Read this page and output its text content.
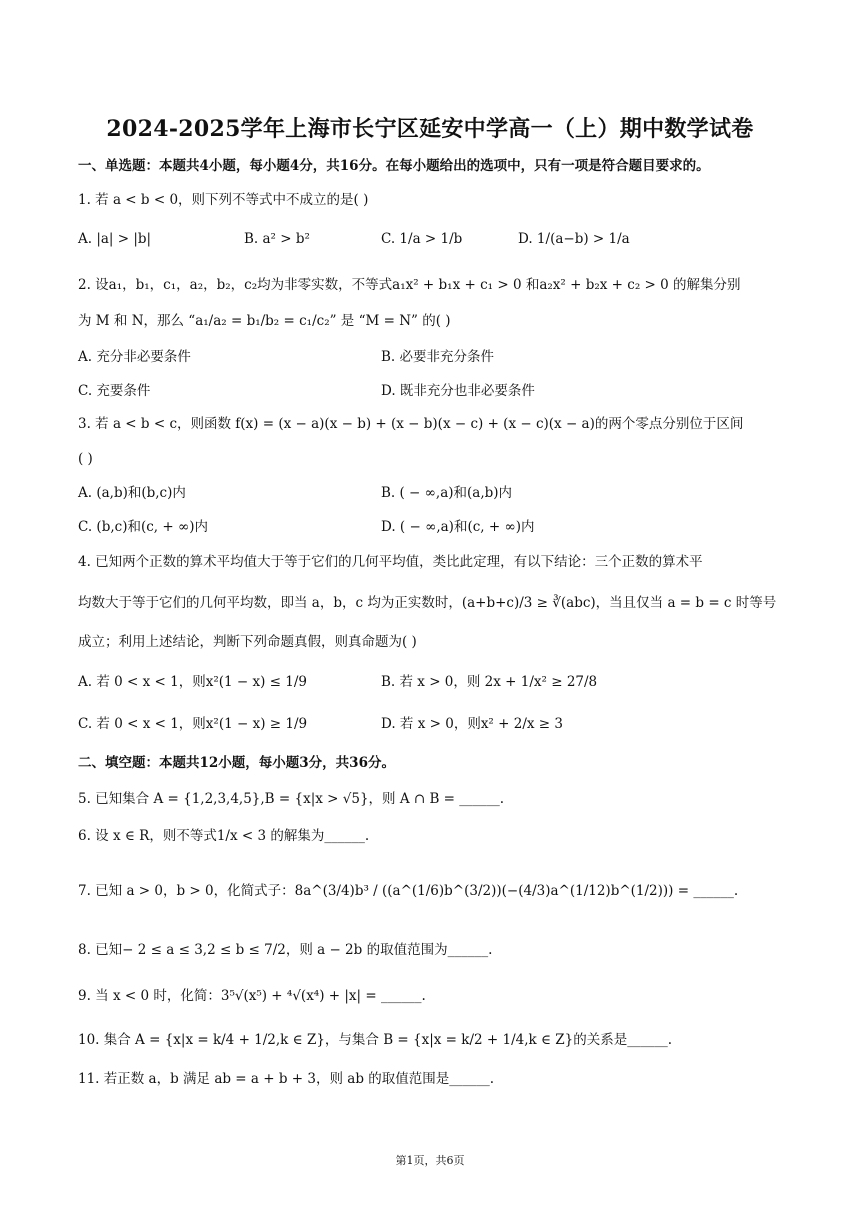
2024-2025学年上海市长宁区延安中学高一（上）期中数学试卷
一、单选题：本题共4小题，每小题4分，共16分。在每小题给出的选项中，只有一项是符合题目要求的。
1. 若 a < b < 0，则下列不等式中不成立的是( )
A. |a| > |b|	B. a² > b²	C. 1/a > 1/b	D. 1/(a−b) > 1/a
2. 设a₁，b₁，c₁，a₂，b₂，c₂均为非零实数，不等式a₁x² + b₁x + c₁ > 0 和a₂x² + b₂x + c₂ > 0 的解集分别
为 M 和 N，那么 “a₁/a₂ = b₁/b₂ = c₁/c₂” 是 “M = N” 的( )
A. 充分非必要条件	B. 必要非充分条件
C. 充要条件	D. 既非充分也非必要条件
3. 若 a < b < c，则函数 f(x) = (x − a)(x − b) + (x − b)(x − c) + (x − c)(x − a)的两个零点分别位于区间
( )
A. (a,b)和(b,c)内	B. ( − ∞,a)和(a,b)内
C. (b,c)和(c, + ∞)内	D. ( − ∞,a)和(c, + ∞)内
4. 已知两个正数的算术平均值大于等于它们的几何平均值，类比此定理，有以下结论：三个正数的算术平
均数大于等于它们的几何平均数，即当 a，b，c 均为正实数时，(a+b+c)/3 ≥ ∛(abc)，当且仅当 a = b = c 时等号
成立；利用上述结论，判断下列命题真假，则真命题为( )
A. 若 0 < x < 1，则x²(1 − x) ≤ 1/9	B. 若 x > 0，则 2x + 1/x² ≥ 27/8
C. 若 0 < x < 1，则x²(1 − x) ≥ 1/9	D. 若 x > 0，则x² + 2/x ≥ 3
二、填空题：本题共12小题，每小题3分，共36分。
5. 已知集合 A = {1,2,3,4,5},B = {x|x > √5}，则 A ∩ B = ______.
6. 设 x ∈ R，则不等式1/x < 3 的解集为______.
7. 已知 a > 0，b > 0，化简式子：8a^(3/4)b³ / ((a^(1/6)b^(3/2))(−(4/3)a^(1/12)b^(1/2))) = ______.
8. 已知− 2 ≤ a ≤ 3,2 ≤ b ≤ 7/2，则 a − 2b 的取值范围为______.
9. 当 x < 0 时，化简：3⁵√(x⁵) + ⁴√(x⁴) + |x| = ______.
10. 集合 A = {x|x = k/4 + 1/2,k ∈ Z}，与集合 B = {x|x = k/2 + 1/4,k ∈ Z}的关系是______.
11. 若正数 a，b 满足 ab = a + b + 3，则 ab 的取值范围是______.
第1页，共6页
